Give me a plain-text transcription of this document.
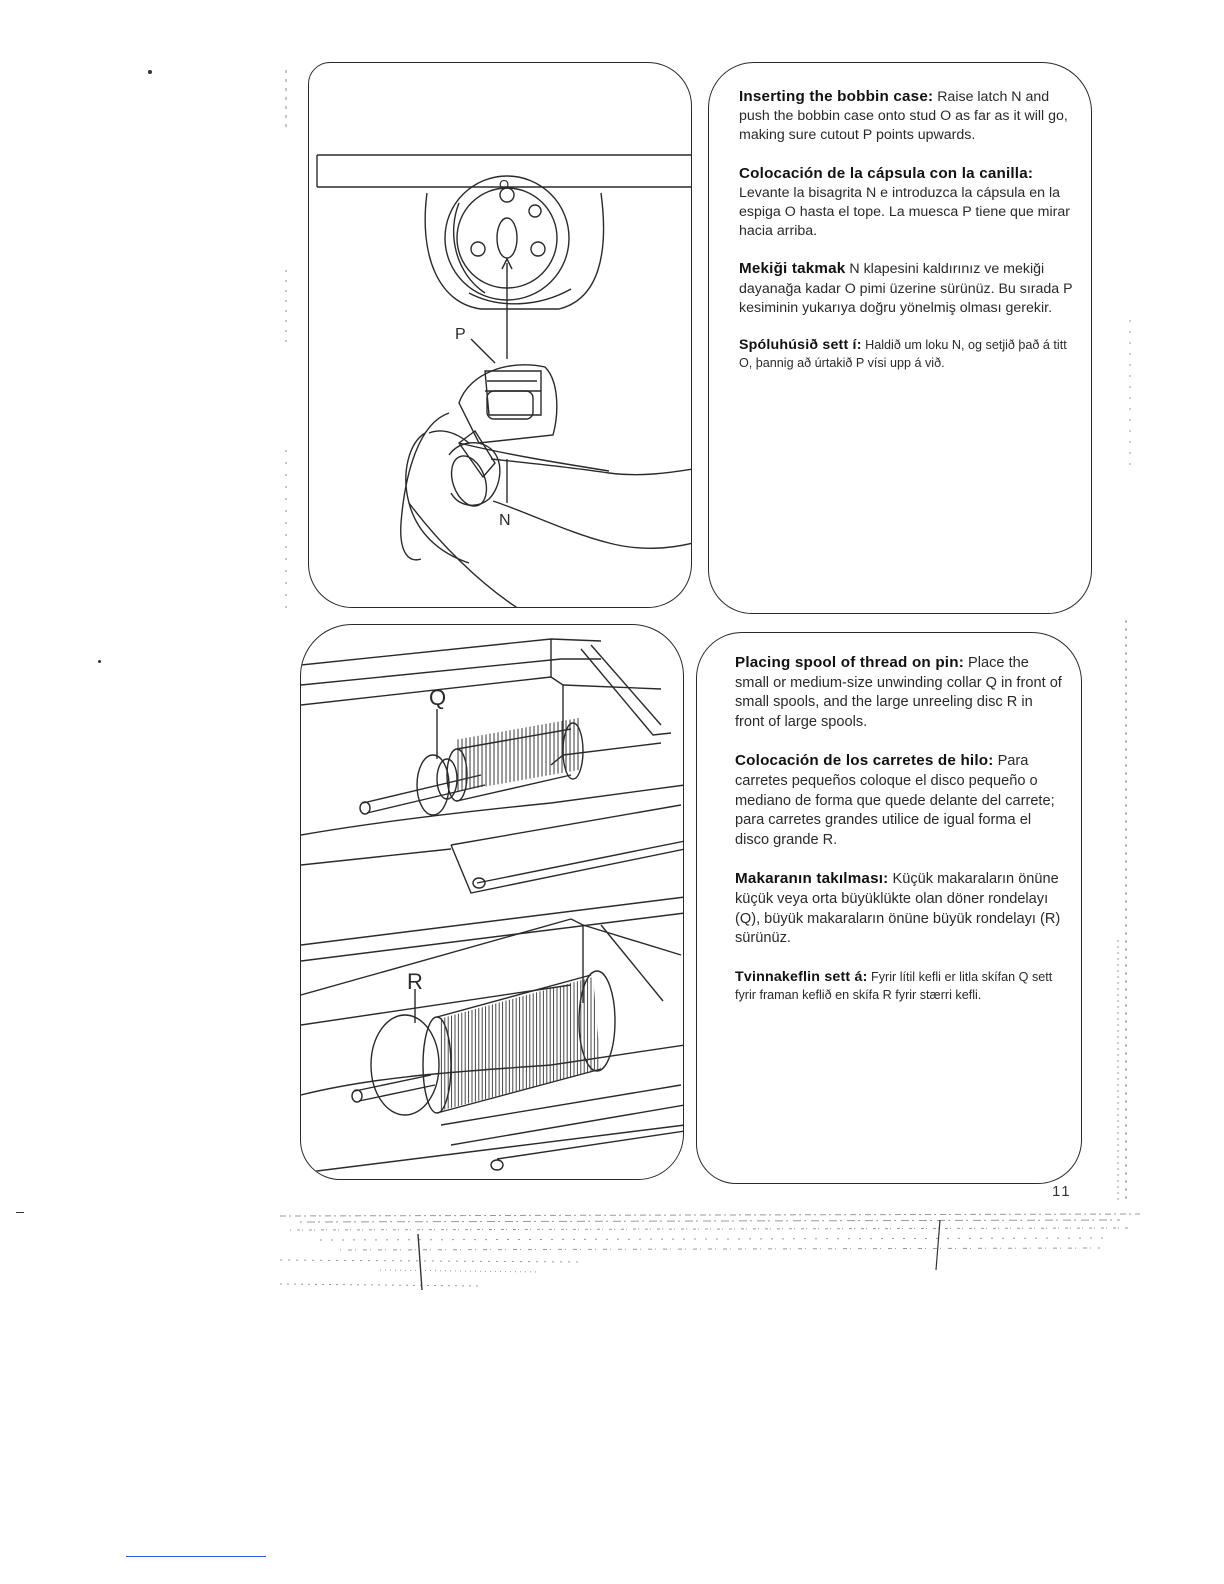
P
N
O

Inserting the bobbin case: Raise latch N and push the bobbin case onto stud O as far as it will go, making sure cutout P points upwards.

Colocación de la cápsula con la canilla: Levante la bisagrita N e introduzca la cápsula en la espiga O hasta el tope. La muesca P tiene que mirar hacia arriba.

Mekiği takmak N klapesini kaldırınız ve mekiği dayanağa kadar O pimi üzerine sürünüz. Bu sırada P kesiminin yukarıya doğru yönelmiş olması gerekir.

Spóluhúsið sett í: Haldið um loku N, og setjið það á titt O, þannig að úrtakið P vísi upp á við.

Q
R

Placing spool of thread on pin: Place the small or medium-size unwinding collar Q in front of small spools, and the large unreeling disc R in front of large spools.

Colocación de los carretes de hilo: Para carretes pequeños coloque el disco pequeño o mediano de forma que quede delante del carrete; para carretes grandes utilice de igual forma el disco grande R.

Makaranın takılması: Küçük makaraların önüne küçük veya orta büyüklükte olan döner rondelayı (Q), büyük makaraların önüne büyük rondelayı (R) sürünüz.

Tvinnakeflin sett á: Fyrir lítil kefli er litla skífan Q sett fyrir framan keflið en skífa R fyrir stærri kefli.

11
